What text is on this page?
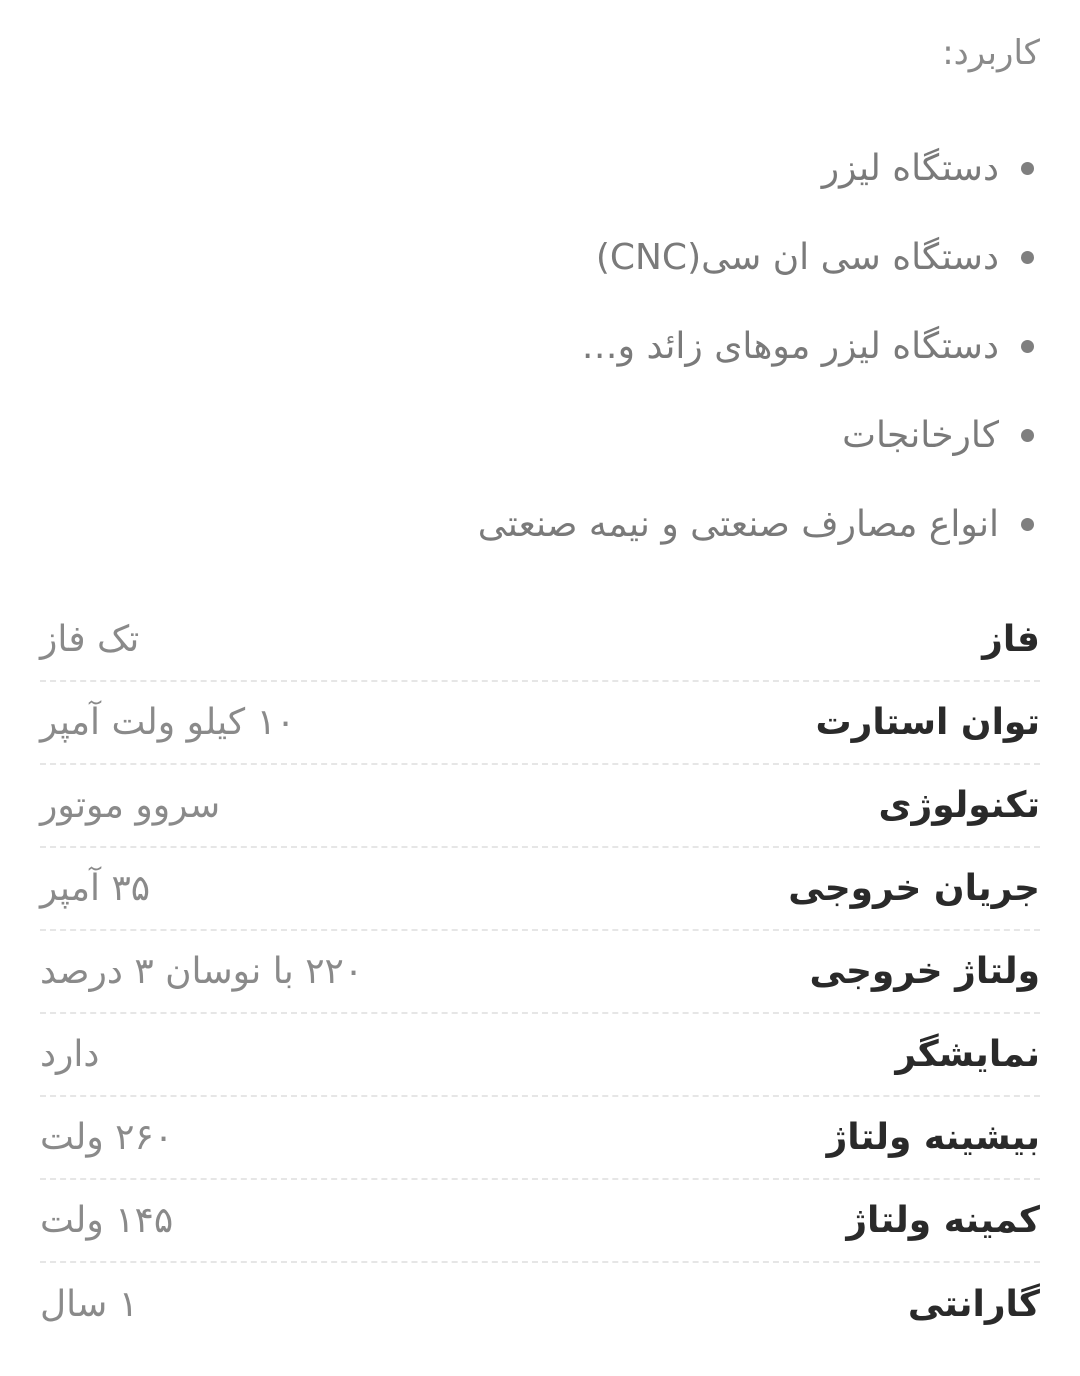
کاربرد:
دستگاه لیزر
دستگاه سی ان سی(CNC)
دستگاه لیزر موهای زائد و…
کارخانجات
انواع مصارف صنعتی و نیمه صنعتی
فاز
تک فاز
توان استارت
۱۰ کیلو ولت آمپر
تکنولوژی
سروو موتور
جریان خروجی
۳۵ آمپر
ولتاژ خروجی
۲۲۰ با نوسان ۳ درصد
نمایشگر
دارد
بیشینه ولتاژ
۲۶۰ ولت
کمینه ولتاژ
۱۴۵ ولت
گارانتی
۱ سال
